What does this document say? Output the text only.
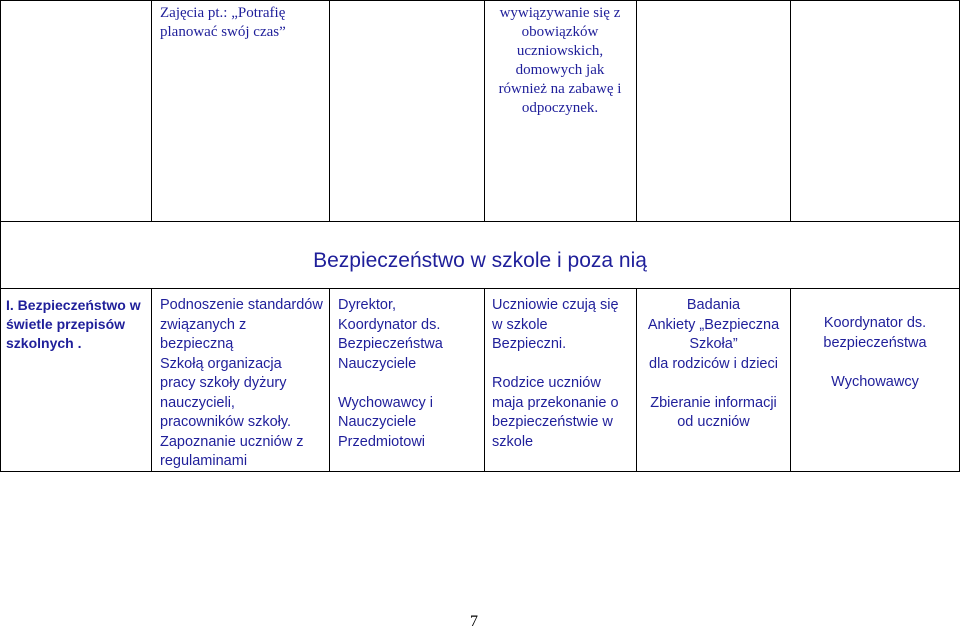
Zajęcia pt.: „Potrafię
planować swój czas”
wywiązywanie się z
obowiązków
uczniowskich,
domowych jak
również na zabawę i
odpoczynek.
Bezpieczeństwo w szkole i poza nią
I. Bezpieczeństwo w
świetle przepisów
szkolnych .
Podnoszenie standardów
związanych z
bezpieczną
Szkołą organizacja
pracy szkoły dyżury
nauczycieli,
pracowników szkoły.
Zapoznanie uczniów z
regulaminami
Dyrektor,
Koordynator ds.
Bezpieczeństwa
Nauczyciele

Wychowawcy i
Nauczyciele
Przedmiotowi
Uczniowie czują się
w szkole
Bezpieczni.

Rodzice uczniów
maja przekonanie o
bezpieczeństwie w
szkole
Badania
Ankiety „Bezpieczna
Szkoła”
dla rodziców i dzieci

Zbieranie informacji
od uczniów
Koordynator ds.
bezpieczeństwa

Wychowawcy
7
